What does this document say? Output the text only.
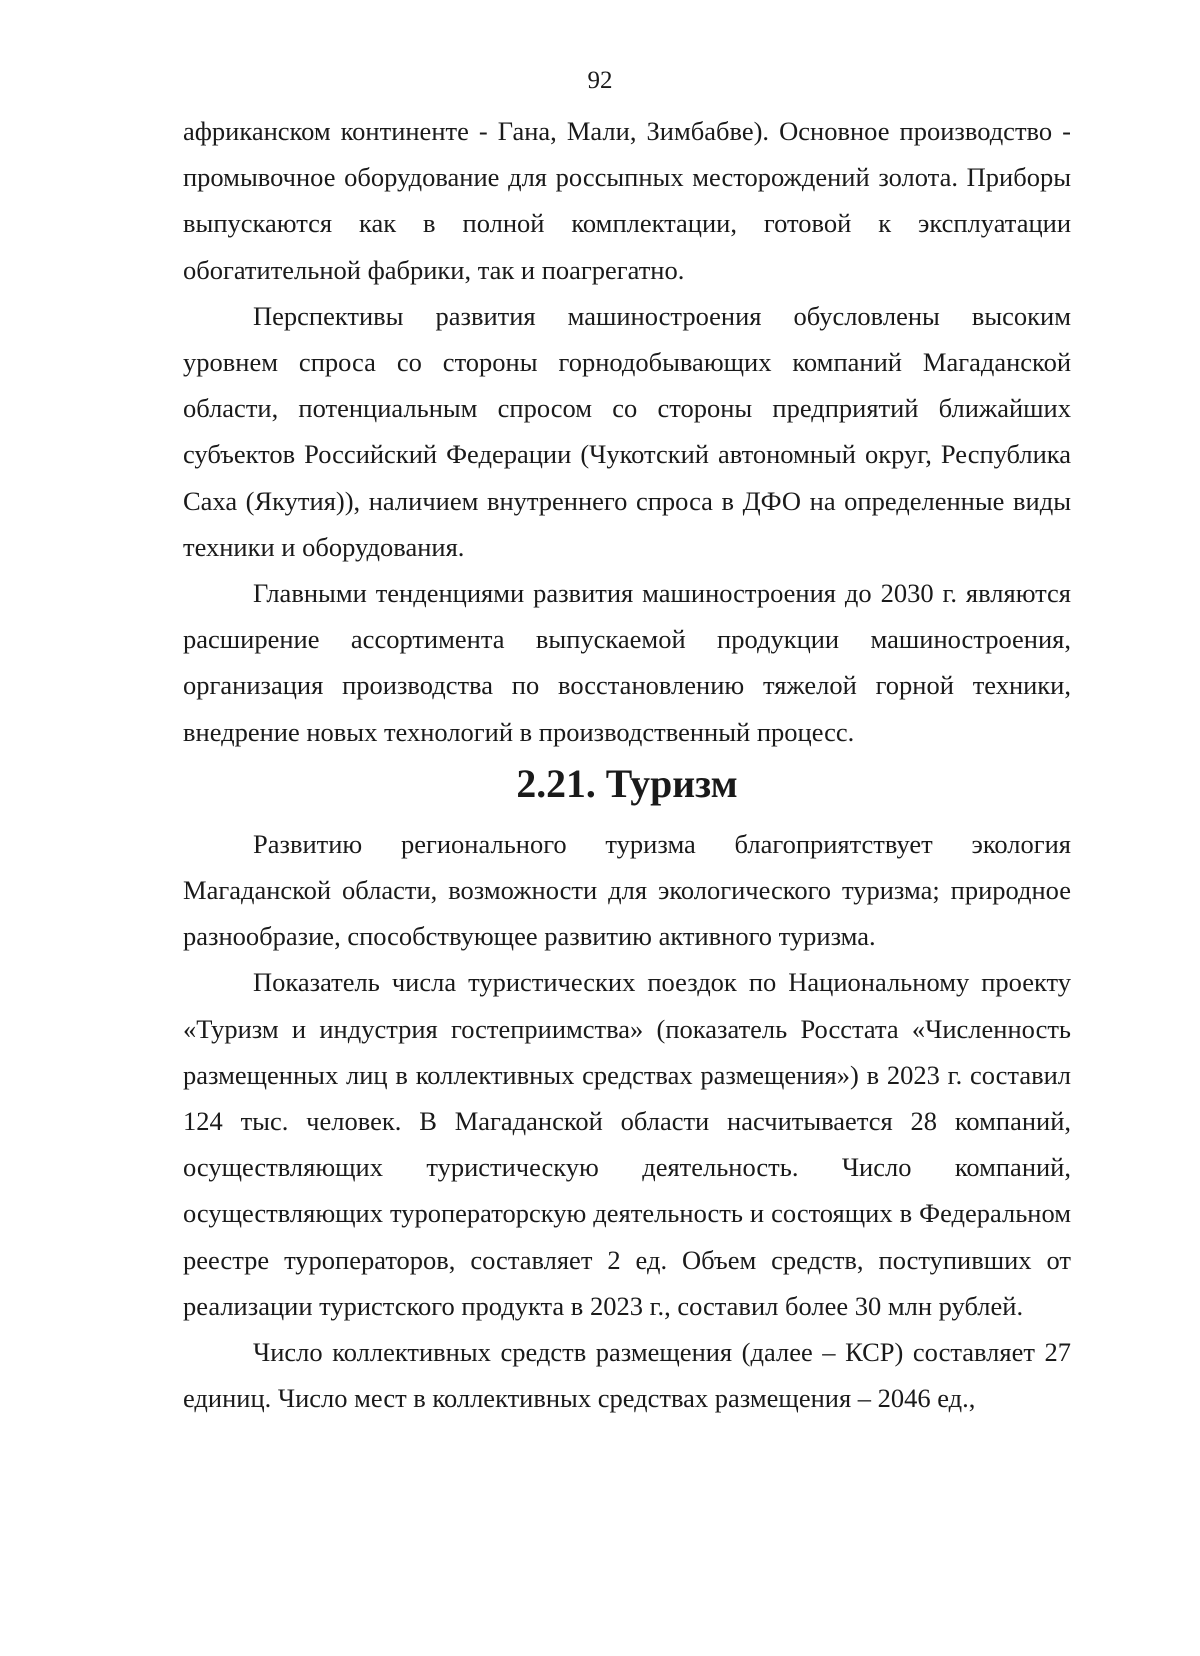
92

африканском континенте - Гана, Мали, Зимбабве). Основное производство - промывочное оборудование для россыпных месторождений золота. Приборы выпускаются как в полной комплектации, готовой к эксплуатации обогатительной фабрики, так и поагрегатно.

Перспективы развития машиностроения обусловлены высоким уровнем спроса со стороны горнодобывающих компаний Магаданской области, потенциальным спросом со стороны предприятий ближайших субъектов Российский Федерации (Чукотский автономный округ, Республика Саха (Якутия)), наличием внутреннего спроса в ДФО на определенные виды техники и оборудования.

Главными тенденциями развития машиностроения до 2030 г. являются расширение ассортимента выпускаемой продукции машиностроения, организация производства по восстановлению тяжелой горной техники, внедрение новых технологий в производственный процесс.

2.21. Туризм

Развитию регионального туризма благоприятствует экология Магаданской области, возможности для экологического туризма; природное разнообразие, способствующее развитию активного туризма.

Показатель числа туристических поездок по Национальному проекту «Туризм и индустрия гостеприимства» (показатель Росстата «Численность размещенных лиц в коллективных средствах размещения») в 2023 г. составил 124 тыс. человек. В Магаданской области насчитывается 28 компаний, осуществляющих туристическую деятельность. Число компаний, осуществляющих туроператорскую деятельность и состоящих в Федеральном реестре туроператоров, составляет 2 ед. Объем средств, поступивших от реализации туристского продукта в 2023 г., составил более 30 млн рублей.

Число коллективных средств размещения (далее – КСР) составляет 27 единиц. Число мест в коллективных средствах размещения – 2046 ед.,
